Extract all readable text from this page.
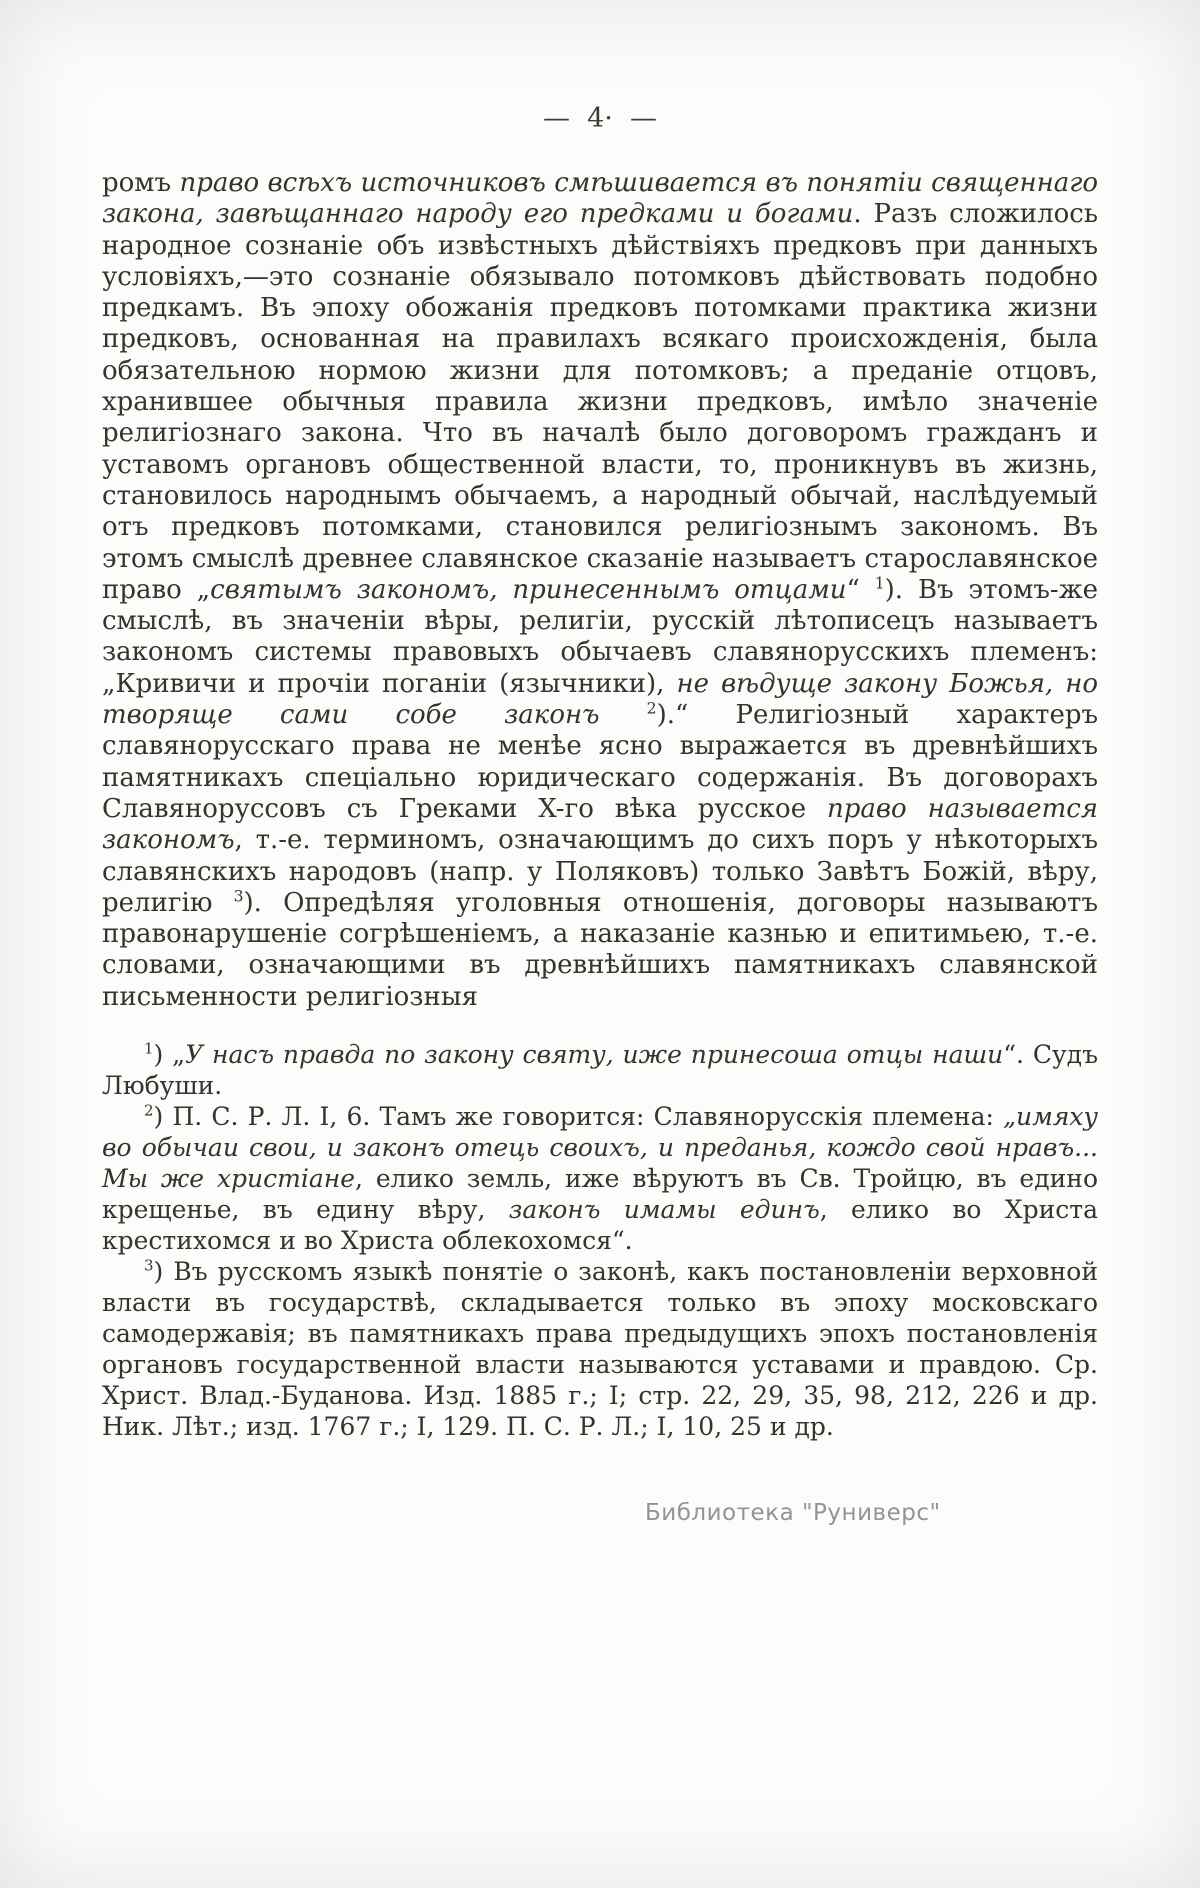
—  4·  —

ромъ право всѣхъ источниковъ смѣшивается въ понятіи священнаго закона, завѣщаннаго народу его предками и богами. Разъ сложилось народное сознаніе объ извѣстныхъ дѣйствіяхъ предковъ при данныхъ условіяхъ,—это сознаніе обязывало потомковъ дѣйствовать подобно предкамъ. Въ эпоху обожанія предковъ потомками практика жизни предковъ, основанная на правилахъ всякаго происхожденія, была обязательною нормою жизни для потомковъ; а преданіе отцовъ, хранившее обычныя правила жизни предковъ, имѣло значеніе религіознаго закона. Что въ началѣ было договоромъ гражданъ и уставомъ органовъ общественной власти, то, проникнувъ въ жизнь, становилось народнымъ обычаемъ, а народный обычай, наслѣдуемый отъ предковъ потомками, становился религіознымъ закономъ. Въ этомъ смыслѣ древнее славянское сказаніе называетъ старославянское право „святымъ закономъ, принесеннымъ отцами“ $^1$). Въ этомъ-же смыслѣ, въ значеніи вѣры, религіи, русскій лѣтописецъ называетъ закономъ системы правовыхъ обычаевъ славянорусскихъ племенъ: „Кривичи и прочіи поганіи (язычники), не вѣдуще закону Божья, но творяще сами собе законъ	$^2$).“ Религіозный характеръ славянорусскаго права не менѣе ясно выражается въ древнѣйшихъ памятникахъ спеціально юридическаго содержанія. Въ договорахъ Славяноруссовъ съ Греками X-го вѣка русское право называется закономъ, т.-е. терминомъ, означающимъ до сихъ поръ у нѣкоторыхъ славянскихъ народовъ (напр. у Поляковъ) только Завѣтъ Божій, вѣру, религію $^3$). Опредѣляя уголовныя отношенія, договоры называютъ правонарушеніе согрѣшеніемъ, а наказаніе казнью и епитимьею, т.-е. словами, означающими въ древнѣйшихъ памятникахъ славянской письменности религіозныя

$^1$) „У насъ правда по закону святу, иже принесоша отцы наши“. Судъ Любуши.

$^2$) П. С. Р. Л. I, 6. Тамъ же говорится: Славянорусскія племена: „имяху во обычаи свои, и законъ отець своихъ, и преданья, кождо свой нравъ... Мы же христіане, елико земль, иже вѣруютъ въ Св. Тройцю, въ едино крещенье, въ едину вѣру, законъ имамы единъ, елико во Христа крестихомся и во Христа облекохомся“.

$^3$) Въ русскомъ языкѣ понятіе о законѣ, какъ постановленіи верховной власти въ государствѣ, складывается только въ эпоху московскаго самодержавія; въ памятникахъ права предыдущихъ эпохъ постановленія органовъ государственной власти называются уставами и правдою. Ср. Христ. Влад.-Буданова. Изд. 1885 г.; I; стр. 22, 29, 35, 98, 212, 226 и др. Ник. Лѣт.; изд. 1767 г.; I, 129. П. С. Р. Л.; I, 10, 25 и др.

Библиотека "Руниверс"
